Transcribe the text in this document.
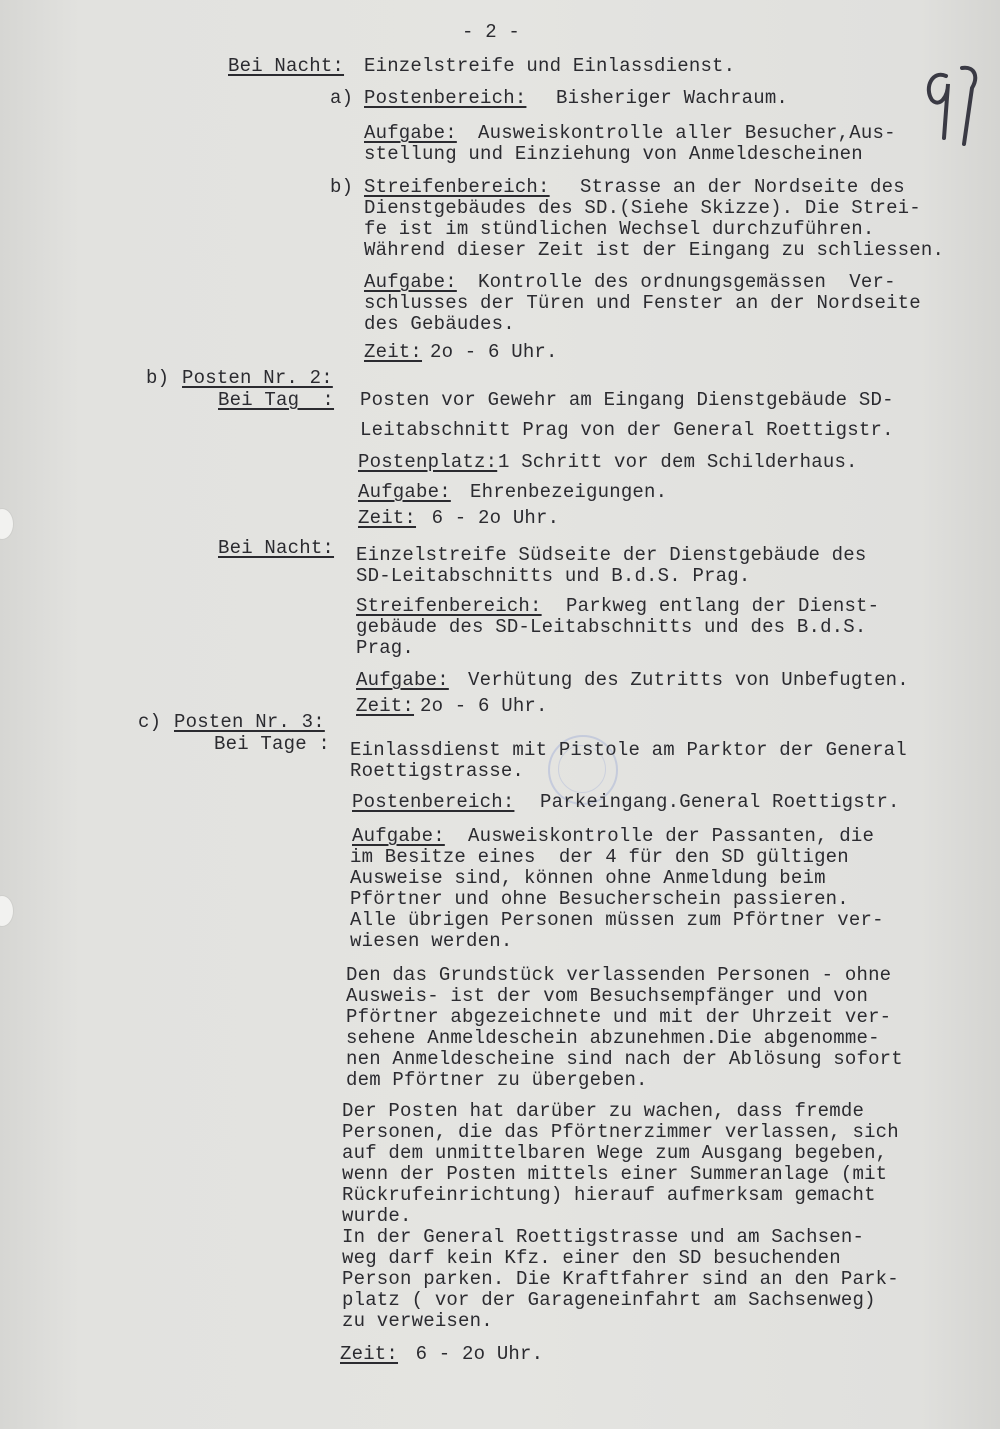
- 2 -
97
Bei Nacht: Einzelstreife und Einlassdienst.
a) Postenbereich: Bisheriger Wachraum.
Aufgabe: Ausweiskontrolle aller Besucher,Aus-
stellung und Einziehung von Anmeldescheinen
b) Streifenbereich: Strasse an der Nordseite des
Dienstgebäudes des SD.(Siehe Skizze). Die Strei-
fe ist im stündlichen Wechsel durchzuführen.
Während dieser Zeit ist der Eingang zu schliessen.
Aufgabe: Kontrolle des ordnungsgemässen  Ver-
schlusses der Türen und Fenster an der Nordseite
des Gebäudes.
Zeit: 2o - 6 Uhr.
b) Posten Nr. 2:
Bei Tag  : Posten vor Gewehr am Eingang Dienstgebäude SD-
Leitabschnitt Prag von der General Roettigstr.
Postenplatz: 1 Schritt vor dem Schilderhaus.
Aufgabe: Ehrenbezeigungen.
Zeit: 6 - 2o Uhr.
Bei Nacht: Einzelstreife Südseite der Dienstgebäude des
SD-Leitabschnitts und B.d.S. Prag.
Streifenbereich: Parkweg entlang der Dienst-
gebäude des SD-Leitabschnitts und des B.d.S.
Prag.
Aufgabe: Verhütung des Zutritts von Unbefugten.
Zeit: 2o - 6 Uhr.
c) Posten Nr. 3:
Bei Tage : Einlassdienst mit Pistole am Parktor der General
Roettigstrasse.
Postenbereich: Parkeingang.General Roettigstr.
Aufgabe: Ausweiskontrolle der Passanten, die
im Besitze eines  der 4 für den SD gültigen
Ausweise sind, können ohne Anmeldung beim
Pförtner und ohne Besucherschein passieren.
Alle übrigen Personen müssen zum Pförtner ver-
wiesen werden.
Den das Grundstück verlassenden Personen - ohne
Ausweis- ist der vom Besuchsempfänger und von
Pförtner abgezeichnete und mit der Uhrzeit ver-
sehene Anmeldeschein abzunehmen.Die abgenomme-
nen Anmeldescheine sind nach der Ablösung sofort
dem Pförtner zu übergeben.
Der Posten hat darüber zu wachen, dass fremde
Personen, die das Pförtnerzimmer verlassen, sich
auf dem unmittelbaren Wege zum Ausgang begeben,
wenn der Posten mittels einer Summeranlage (mit
Rückrufeinrichtung) hierauf aufmerksam gemacht
wurde.
In der General Roettigstrasse und am Sachsen-
weg darf kein Kfz. einer den SD besuchenden
Person parken. Die Kraftfahrer sind an den Park-
platz ( vor der Garageneinfahrt am Sachsenweg)
zu verweisen.
Zeit: 6 - 2o Uhr.
